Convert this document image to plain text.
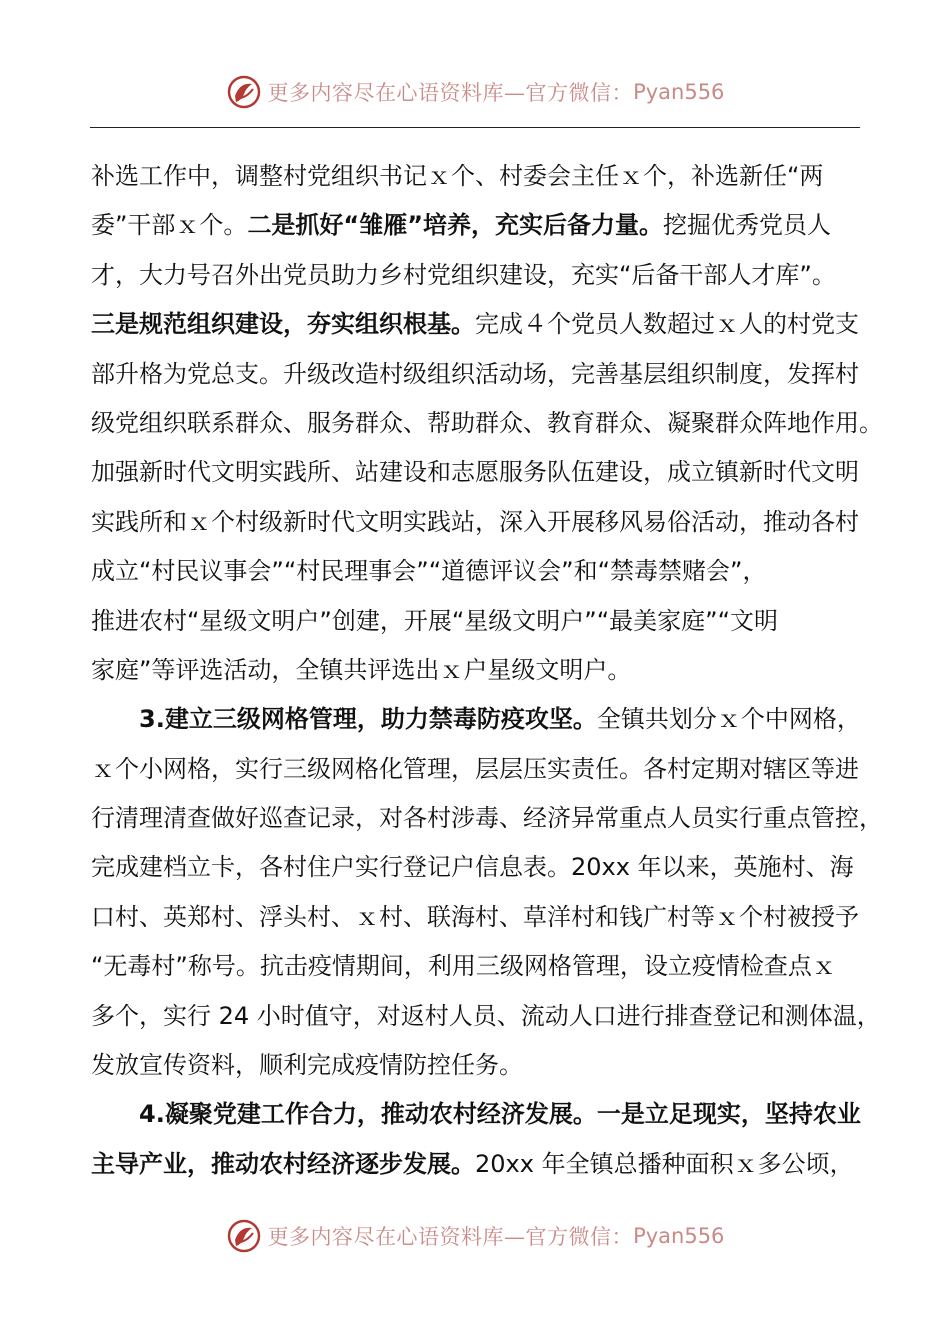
更多内容尽在心语资料库—官方微信： Pyan556
补选工作中，调整村党组织书记ｘ个、村委会主任ｘ个，补选新任“两
委”干部ｘ个。二是抓好“雏雁”培养，充实后备力量。挖掘优秀党员人
才，大力号召外出党员助力乡村党组织建设，充实“后备干部人才库”。
三是规范组织建设，夯实组织根基。完成４个党员人数超过ｘ人的村党支
部升格为党总支。升级改造村级组织活动场，完善基层组织制度，发挥村
级党组织联系群众、服务群众、帮助群众、教育群众、凝聚群众阵地作用。
加强新时代文明实践所、站建设和志愿服务队伍建设，成立镇新时代文明
实践所和ｘ个村级新时代文明实践站，深入开展移风易俗活动，推动各村
成立“村民议事会”“村民理事会”“道德评议会”和“禁毒禁赌会”，
推进农村“星级文明户”创建，开展“星级文明户”“最美家庭”“文明
家庭”等评选活动，全镇共评选出ｘ户星级文明户。
3.建立三级网格管理，助力禁毒防疫攻坚。全镇共划分ｘ个中网格，
ｘ个小网格，实行三级网格化管理，层层压实责任。各村定期对辖区等进
行清理清查做好巡查记录，对各村涉毒、经济异常重点人员实行重点管控，
完成建档立卡，各村住户实行登记户信息表。20xx 年以来，英施村、海
口村、英郑村、浮头村、ｘ村、联海村、草洋村和钱广村等ｘ个村被授予
“无毒村”称号。抗击疫情期间，利用三级网格管理，设立疫情检查点ｘ
多个，实行 24 小时值守，对返村人员、流动人口进行排查登记和测体温，
发放宣传资料，顺利完成疫情防控任务。
4.凝聚党建工作合力，推动农村经济发展。一是立足现实，坚持农业
主导产业，推动农村经济逐步发展。20xx 年全镇总播种面积ｘ多公顷，
更多内容尽在心语资料库—官方微信： Pyan556
